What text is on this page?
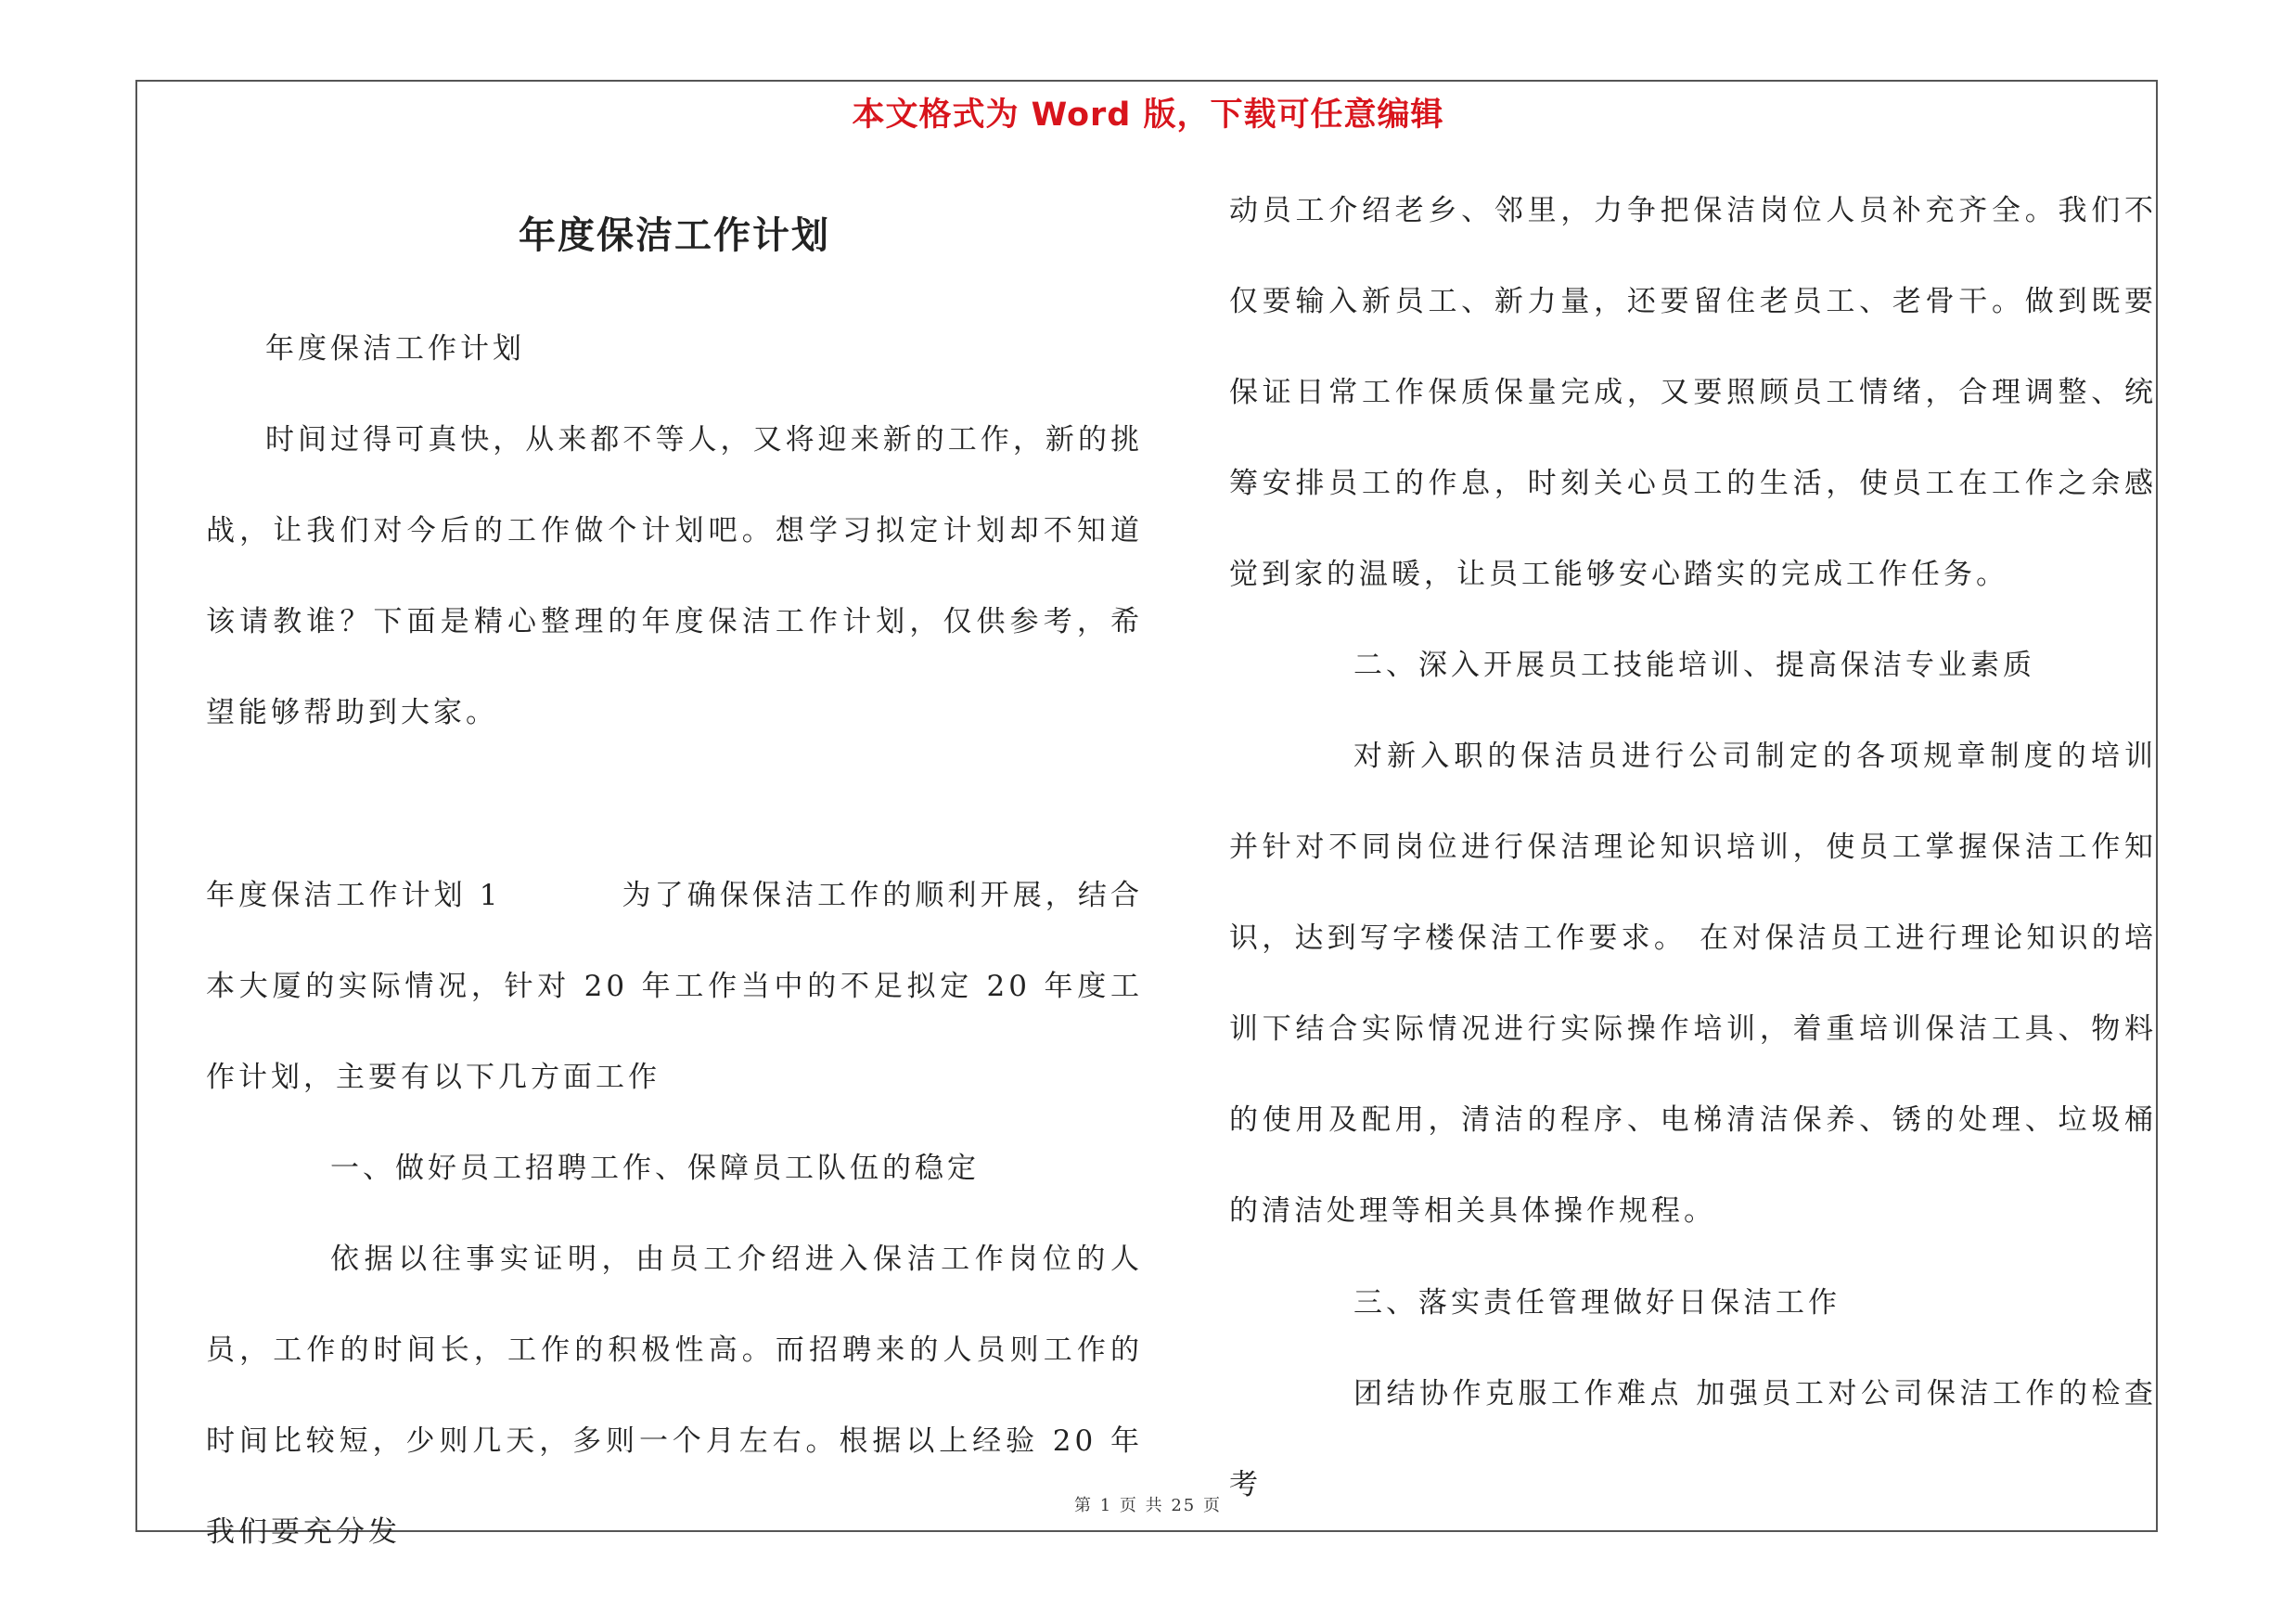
本文格式为 Word 版，下载可任意编辑
年度保洁工作计划

年度保洁工作计划

时间过得可真快，从来都不等人，又将迎来新的工作，新的挑战，让我们对今后的工作做个计划吧。想学习拟定计划却不知道该请教谁？下面是精心整理的年度保洁工作计划，仅供参考，希望能够帮助到大家。

年度保洁工作计划 1	为了确保保洁工作的顺利开展，结合本大厦的实际情况，针对 20 年工作当中的不足拟定 20 年度工作计划，主要有以下几方面工作

一、做好员工招聘工作、保障员工队伍的稳定

依据以往事实证明，由员工介绍进入保洁工作岗位的人员，工作的时间长，工作的积极性高。而招聘来的人员则工作的时间比较短，少则几天，多则一个月左右。根据以上经验 20 年我们要充分发

动员工介绍老乡、邻里，力争把保洁岗位人员补充齐全。我们不仅要输入新员工、新力量，还要留住老员工、老骨干。做到既要保证日常工作保质保量完成，又要照顾员工情绪，合理调整、统筹安排员工的作息，时刻关心员工的生活，使员工在工作之余感觉到家的温暖，让员工能够安心踏实的完成工作任务。

二、深入开展员工技能培训、提高保洁专业素质

对新入职的保洁员进行公司制定的各项规章制度的培训并针对不同岗位进行保洁理论知识培训，使员工掌握保洁工作知识，达到写字楼保洁工作要求。 在对保洁员工进行理论知识的培训下结合实际情况进行实际操作培训，着重培训保洁工具、物料的使用及配用，清洁的程序、电梯清洁保养、锈的处理、垃圾桶的清洁处理等相关具体操作规程。

三、落实责任管理做好日保洁工作

团结协作克服工作难点 加强员工对公司保洁工作的检查考

第 1 页 共 25 页
